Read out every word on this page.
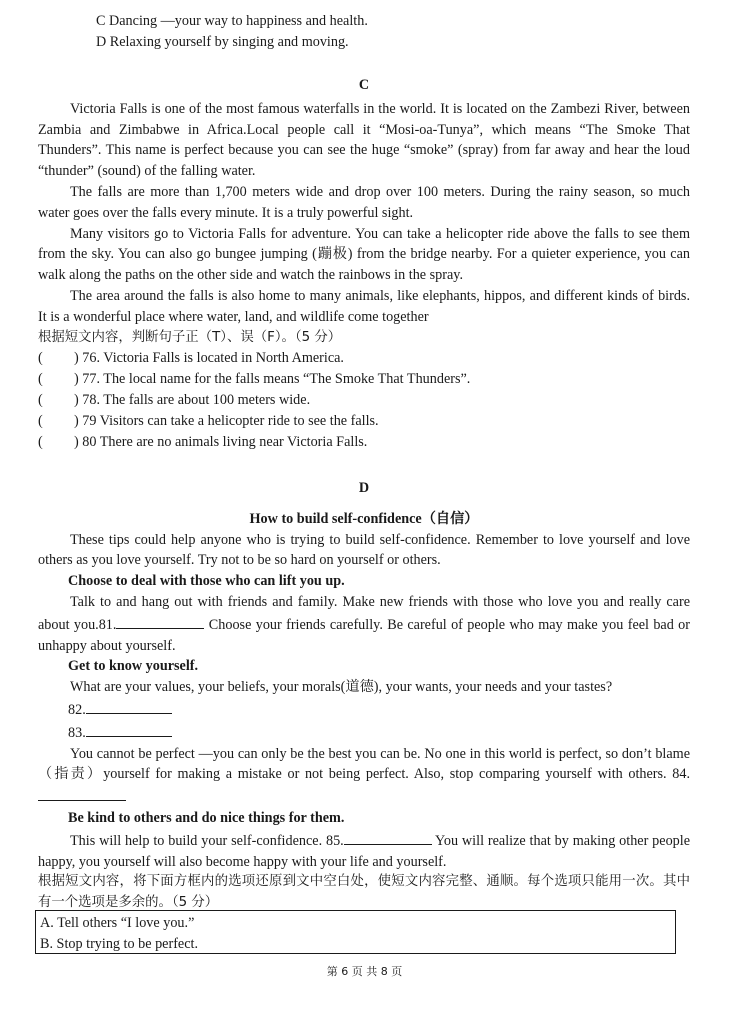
C Dancing —your way to happiness and health.

D Relaxing yourself by singing and moving.

C

Victoria Falls is one of the most famous waterfalls in the world. It is located on the Zambezi River, between Zambia and Zimbabwe in Africa.Local people call it “Mosi-oa-Tunya”, which means “The Smoke That Thunders”. This name is perfect because you can see the huge “smoke” (spray) from far away and hear the loud “thunder” (sound) of the falling water.

The falls are more than 1,700 meters wide and drop over 100 meters. During the rainy season, so much water goes over the falls every minute. It is a truly powerful sight.

Many visitors go to Victoria Falls for adventure. You can take a helicopter ride above the falls to see them from the sky. You can also go bungee jumping (蹦极) from the bridge nearby. For a quieter experience, you can walk along the paths on the other side and watch the rainbows in the spray.

The area around the falls is also home to many animals, like elephants, hippos, and different kinds of birds. It is a wonderful place where water, land, and wildlife come together

根据短文内容，判断句子正（T）、误（F）。（5 分）

(	) 76. Victoria Falls is located in North America.
(	) 77. The local name for the falls means “The Smoke That Thunders”.
(	) 78. The falls are about 100 meters wide.
(	) 79 Visitors can take a helicopter ride to see the falls.
(	) 80 There are no animals living near Victoria Falls.

D

How to build self-confidence（自信）

These tips could help anyone who is trying to build self-confidence. Remember to love yourself and love others as you love yourself. Try not to be so hard on yourself or others.

Choose to deal with those who can lift you up.

Talk to and hang out with friends and family. Make new friends with those who love you and really care about you.81.	Choose your friends carefully. Be careful of people who may make you feel bad or unhappy about yourself.

Get to know yourself.

What are your values, your beliefs, your morals(道德), your wants, your needs and your tastes?

82.

83.

You cannot be perfect —you can only be the best you can be. No one in this world is perfect, so don’t blame（指责）yourself for making a mistake or not being perfect. Also, stop comparing yourself with others. 84.

Be kind to others and do nice things for them.

This will help to build your self-confidence. 85.	You will realize that by making other people happy, you yourself will also become happy with your life and yourself.

根据短文内容，将下面方框内的选项还原到文中空白处，使短文内容完整、通顺。每个选项只能用一次。其中有一个选项是多余的。（5 分）

A. Tell others “I love you.”

B. Stop trying to be perfect.

第 6 页 共 8 页
